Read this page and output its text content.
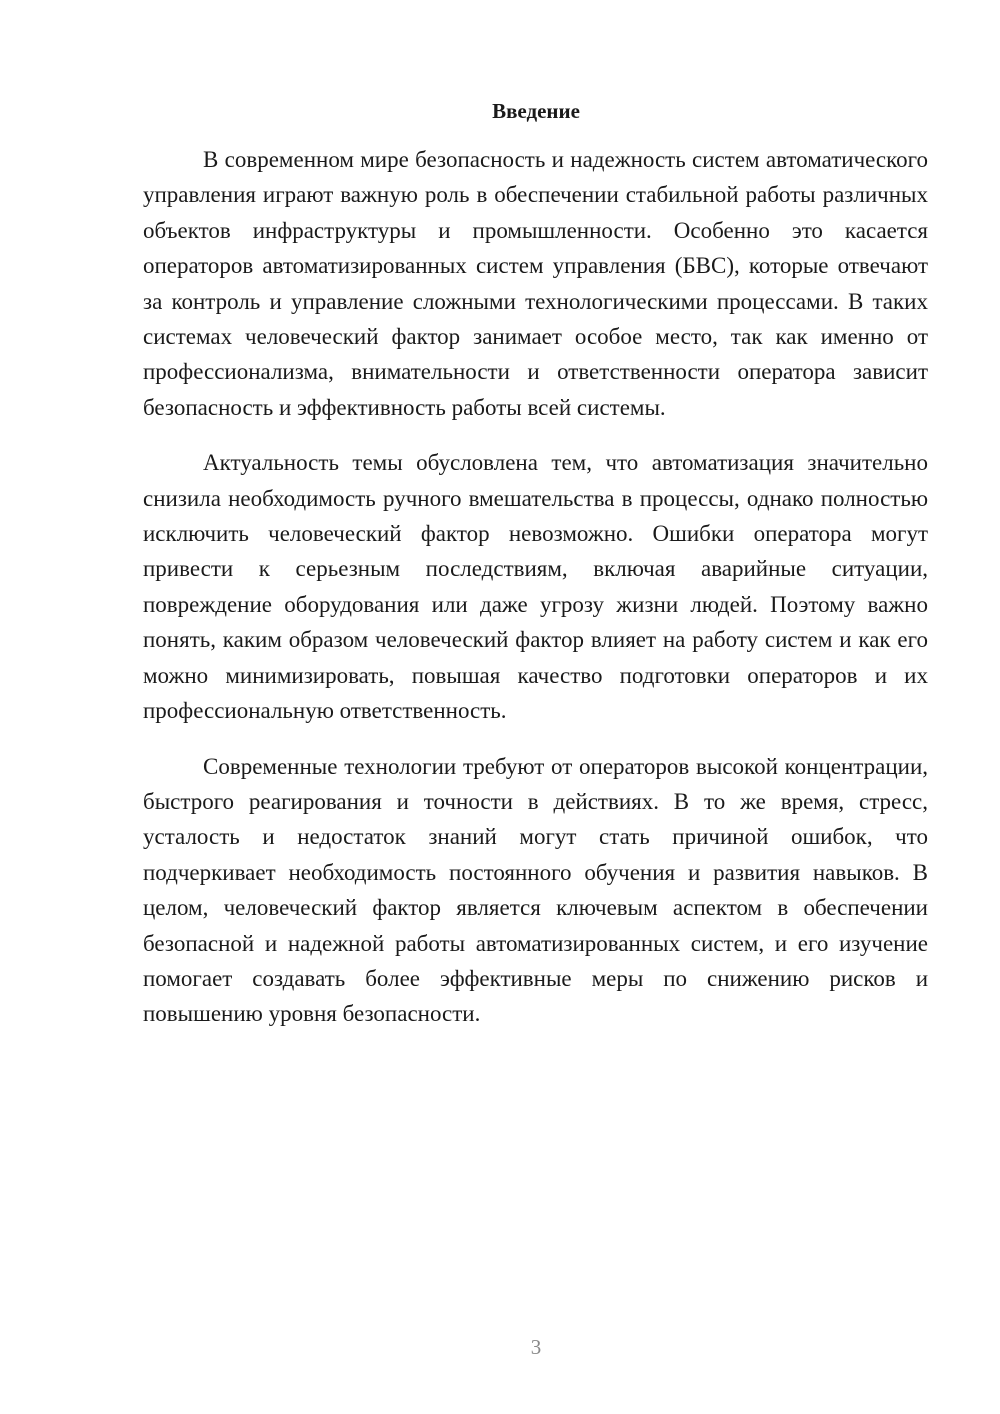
Введение

В современном мире безопасность и надежность систем автоматического управления играют важную роль в обеспечении стабильной работы различных объектов инфраструктуры и промышленности. Особенно это касается операторов автоматизированных систем управления (БВС), которые отвечают за контроль и управление сложными технологическими процессами. В таких системах человеческий фактор занимает особое место, так как именно от профессионализма, внимательности и ответственности оператора зависит безопасность и эффективность работы всей системы.

Актуальность темы обусловлена тем, что автоматизация значительно снизила необходимость ручного вмешательства в процессы, однако полностью исключить человеческий фактор невозможно. Ошибки оператора могут привести к серьезным последствиям, включая аварийные ситуации, повреждение оборудования или даже угрозу жизни людей. Поэтому важно понять, каким образом человеческий фактор влияет на работу систем и как его можно минимизировать, повышая качество подготовки операторов и их профессиональную ответственность.

Современные технологии требуют от операторов высокой концентрации, быстрого реагирования и точности в действиях. В то же время, стресс, усталость и недостаток знаний могут стать причиной ошибок, что подчеркивает необходимость постоянного обучения и развития навыков. В целом, человеческий фактор является ключевым аспектом в обеспечении безопасной и надежной работы автоматизированных систем, и его изучение помогает создавать более эффективные меры по снижению рисков и повышению уровня безопасности.

3
